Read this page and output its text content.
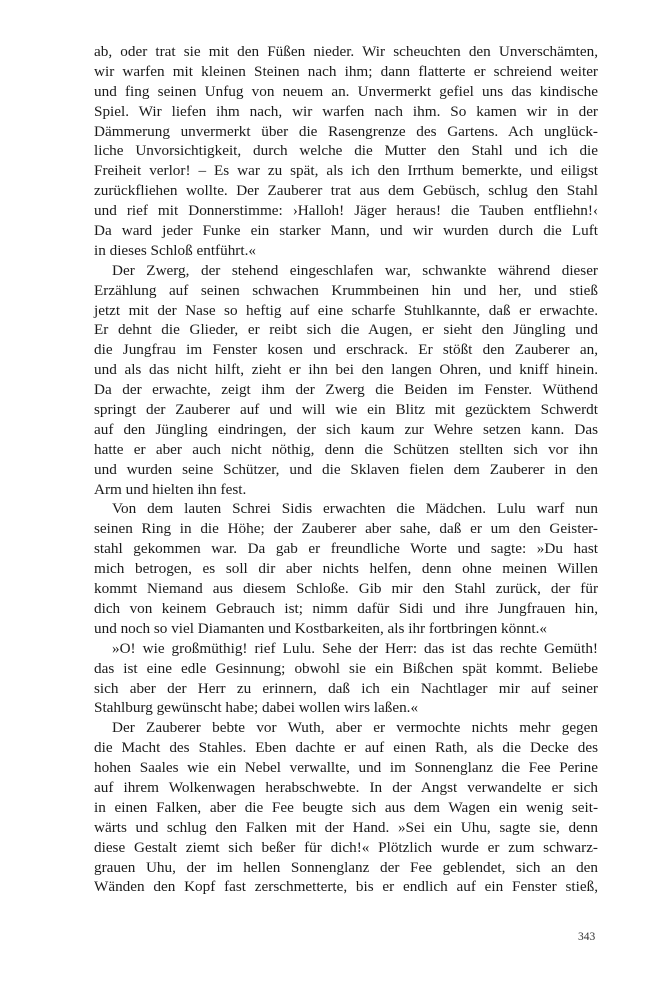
ab, oder trat sie mit den Füßen nieder. Wir scheuchten den Unverschämten,
wir warfen mit kleinen Steinen nach ihm; dann flatterte er schreiend weiter
und fing seinen Unfug von neuem an. Unvermerkt gefiel uns das kindische
Spiel. Wir liefen ihm nach, wir warfen nach ihm. So kamen wir in der
Dämmerung unvermerkt über die Rasengrenze des Gartens. Ach unglück-
liche Unvorsichtigkeit, durch welche die Mutter den Stahl und ich die
Freiheit verlor! – Es war zu spät, als ich den Irrthum bemerkte, und eiligst
zurückfliehen wollte. Der Zauberer trat aus dem Gebüsch, schlug den Stahl
und rief mit Donnerstimme: ›Halloh! Jäger heraus! die Tauben entfliehn!‹
Da ward jeder Funke ein starker Mann, und wir wurden durch die Luft
in dieses Schloß entführt.«
Der Zwerg, der stehend eingeschlafen war, schwankte während dieser
Erzählung auf seinen schwachen Krummbeinen hin und her, und stieß
jetzt mit der Nase so heftig auf eine scharfe Stuhlkannte, daß er erwachte.
Er dehnt die Glieder, er reibt sich die Augen, er sieht den Jüngling und
die Jungfrau im Fenster kosen und erschrack. Er stößt den Zauberer an,
und als das nicht hilft, zieht er ihn bei den langen Ohren, und kniff hinein.
Da der erwachte, zeigt ihm der Zwerg die Beiden im Fenster. Wüthend
springt der Zauberer auf und will wie ein Blitz mit gezücktem Schwerdt
auf den Jüngling eindringen, der sich kaum zur Wehre setzen kann. Das
hatte er aber auch nicht nöthig, denn die Schützen stellten sich vor ihn
und wurden seine Schützer, und die Sklaven fielen dem Zauberer in den
Arm und hielten ihn fest.
Von dem lauten Schrei Sidis erwachten die Mädchen. Lulu warf nun
seinen Ring in die Höhe; der Zauberer aber sahe, daß er um den Geister-
stahl gekommen war. Da gab er freundliche Worte und sagte: »Du hast
mich betrogen, es soll dir aber nichts helfen, denn ohne meinen Willen
kommt Niemand aus diesem Schloße. Gib mir den Stahl zurück, der für
dich von keinem Gebrauch ist; nimm dafür Sidi und ihre Jungfrauen hin,
und noch so viel Diamanten und Kostbarkeiten, als ihr fortbringen könnt.«
»O! wie großmüthig! rief Lulu. Sehe der Herr: das ist das rechte Gemüth!
das ist eine edle Gesinnung; obwohl sie ein Bißchen spät kommt. Beliebe
sich aber der Herr zu erinnern, daß ich ein Nachtlager mir auf seiner
Stahlburg gewünscht habe; dabei wollen wirs laßen.«
Der Zauberer bebte vor Wuth, aber er vermochte nichts mehr gegen
die Macht des Stahles. Eben dachte er auf einen Rath, als die Decke des
hohen Saales wie ein Nebel verwallte, und im Sonnenglanz die Fee Perine
auf ihrem Wolkenwagen herabschwebte. In der Angst verwandelte er sich
in einen Falken, aber die Fee beugte sich aus dem Wagen ein wenig seit-
wärts und schlug den Falken mit der Hand. »Sei ein Uhu, sagte sie, denn
diese Gestalt ziemt sich beßer für dich!« Plötzlich wurde er zum schwarz-
grauen Uhu, der im hellen Sonnenglanz der Fee geblendet, sich an den
Wänden den Kopf fast zerschmetterte, bis er endlich auf ein Fenster stieß,
343
